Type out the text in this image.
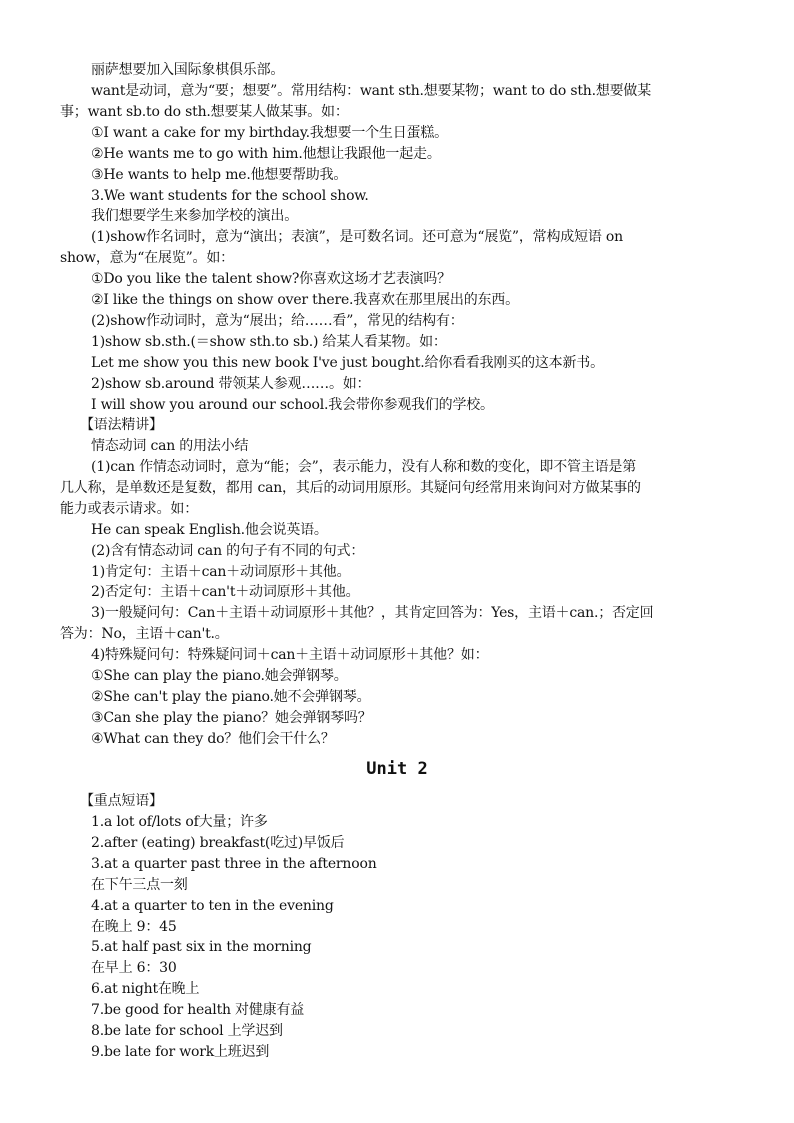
丽萨想要加入国际象棋俱乐部。
want是动词，意为“要；想要”。常用结构：want sth.想要某物；want to do sth.想要做某
事；want sb.to do sth.想要某人做某事。如：
①I want a cake for my birthday.我想要一个生日蛋糕。
②He wants me to go with him.他想让我跟他一起走。
③He wants to help me.他想要帮助我。
3.We want students for the school show.
我们想要学生来参加学校的演出。
(1)show作名词时，意为“演出；表演”，是可数名词。还可意为“展览”，常构成短语 on
show，意为“在展览”。如：
①Do you like the talent show?你喜欢这场才艺表演吗？
②I like the things on show over there.我喜欢在那里展出的东西。
(2)show作动词时，意为“展出；给……看”，常见的结构有：
1)show sb.sth.(＝show sth.to sb.) 给某人看某物。如：
Let me show you this new book I've just bought.给你看看我刚买的这本新书。
2)show sb.around 带领某人参观……。如：
I will show you around our school.我会带你参观我们的学校。
【语法精讲】
情态动词 can 的用法小结
(1)can 作情态动词时，意为“能；会”，表示能力，没有人称和数的变化，即不管主语是第
几人称，是单数还是复数，都用 can，其后的动词用原形。其疑问句经常用来询问对方做某事的
能力或表示请求。如：
He can speak English.他会说英语。
(2)含有情态动词 can 的句子有不同的句式：
1)肯定句：主语＋can＋动词原形＋其他。
2)否定句：主语＋can't＋动词原形＋其他。
3)一般疑问句：Can＋主语＋动词原形＋其他？，其肯定回答为：Yes，主语＋can.；否定回
答为：No，主语＋can't.。
4)特殊疑问句：特殊疑问词＋can＋主语＋动词原形＋其他？如：
①She can play the piano.她会弹钢琴。
②She can't play the piano.她不会弹钢琴。
③Can she play the piano？她会弹钢琴吗？
④What can they do？他们会干什么？
Unit 2
【重点短语】
1.a lot of/lots of大量；许多
2.after (eating) breakfast(吃过)早饭后
3.at a quarter past three in the afternoon
在下午三点一刻
4.at a quarter to ten in the evening
在晚上 9：45
5.at half past six in the morning
在早上 6：30
6.at night在晚上
7.be good for health 对健康有益
8.be late for school 上学迟到
9.be late for work上班迟到
